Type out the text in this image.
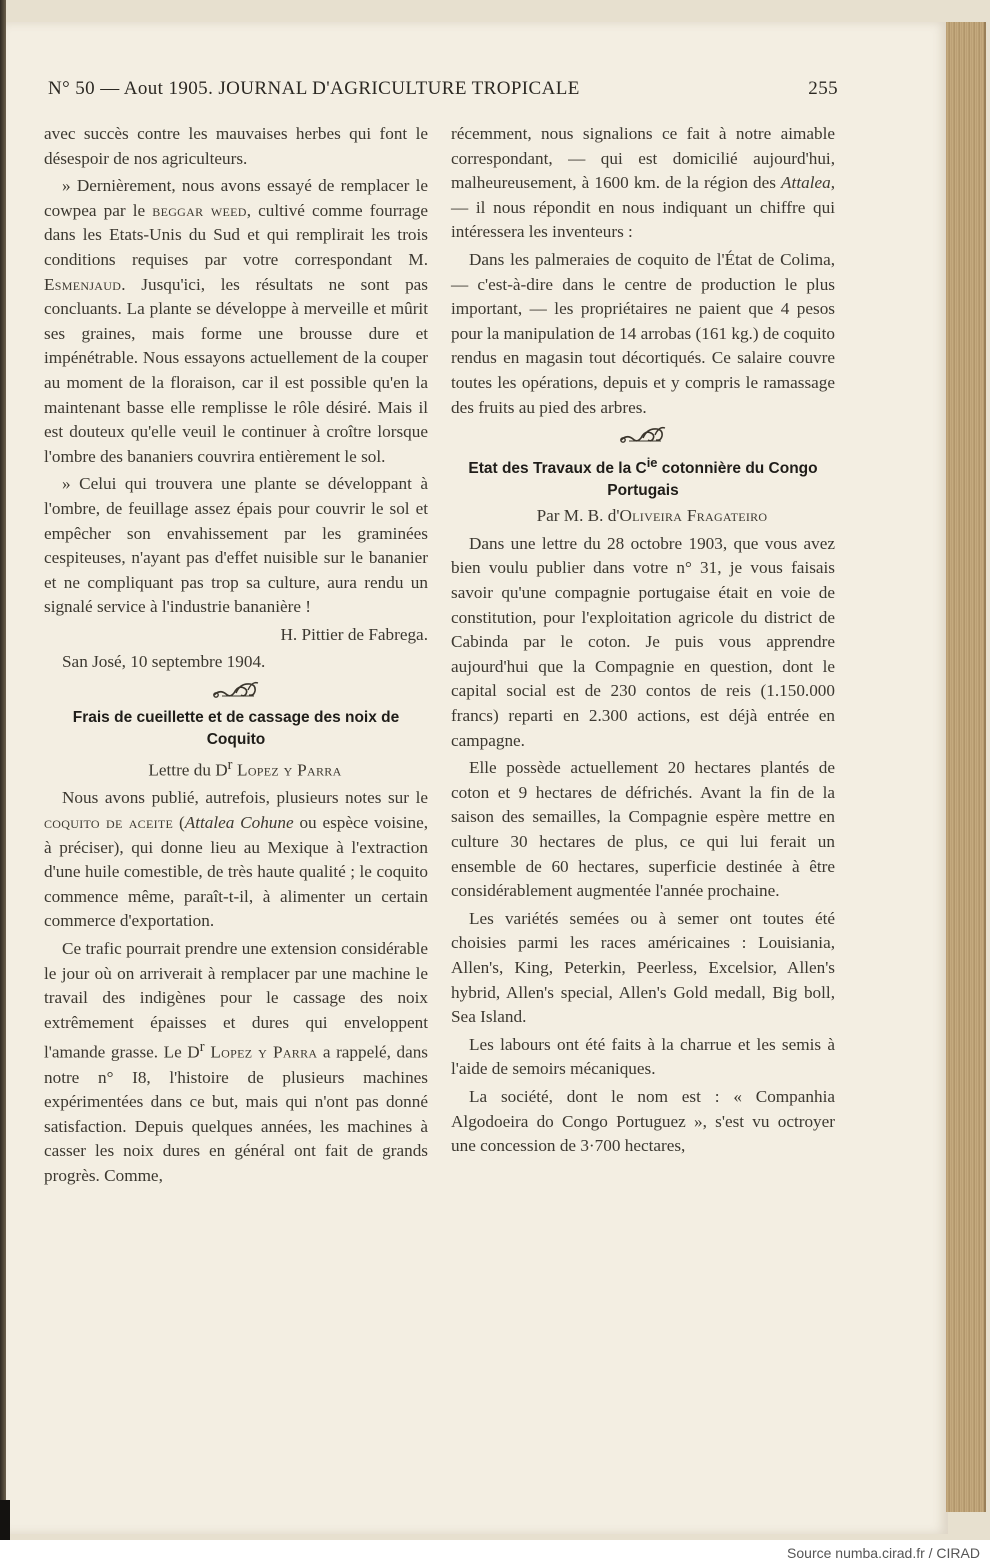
N° 50 — Aout 1905. JOURNAL D'AGRICULTURE TROPICALE	255

avec succès contre les mauvaises herbes qui font le désespoir de nos agriculteurs.

» Dernièrement, nous avons essayé de remplacer le cowpea par le beggar weed, cultivé comme fourrage dans les Etats-Unis du Sud et qui remplirait les trois conditions requises par votre correspondant M. Esmenjaud. Jusqu'ici, les résultats ne sont pas concluants. La plante se développe à merveille et mûrit ses graines, mais forme une brousse dure et impénétrable. Nous essayons actuellement de la couper au moment de la floraison, car il est possible qu'en la maintenant basse elle remplisse le rôle désiré. Mais il est douteux qu'elle veuil le continuer à croître lorsque l'ombre des bananiers couvrira entièrement le sol.

» Celui qui trouvera une plante se développant à l'ombre, de feuillage assez épais pour couvrir le sol et empêcher son envahissement par les graminées cespiteuses, n'ayant pas d'effet nuisible sur le bananier et ne compliquant pas trop sa culture, aura rendu un signalé service à l'industrie bananière !

H. Pittier de Fabrega.

San José, 10 septembre 1904.

Frais de cueillette et de cassage des noix de Coquito

Lettre du $D^r$ Lopez y Parra

Nous avons publié, autrefois, plusieurs notes sur le coquito de aceite (Attalea Cohune ou espèce voisine, à préciser), qui donne lieu au Mexique à l'extraction d'une huile comestible, de très haute qualité ; le coquito commence même, paraît-t-il, à alimenter un certain commerce d'exportation.

Ce trafic pourrait prendre une extension considérable le jour où on arriverait à remplacer par une machine le travail des indigènes pour le cassage des noix extrêmement épaisses et dures qui enveloppent l'amande grasse. Le $D^r$ Lopez y Parra a rappelé, dans notre n° I8, l'histoire de plusieurs machines expérimentées dans ce but, mais qui n'ont pas donné satisfaction. Depuis quelques années, les machines à casser les noix dures en général ont fait de grands progrès. Comme,

récemment, nous signalions ce fait à notre aimable correspondant, — qui est domicilié aujourd'hui, malheureusement, à 1600 km. de la région des Attalea, — il nous répondit en nous indiquant un chiffre qui intéressera les inventeurs :

Dans les palmeraies de coquito de l'État de Colima, — c'est-à-dire dans le centre de production le plus important, — les propriétaires ne paient que 4 pesos pour la manipulation de 14 arrobas (161 kg.) de coquito rendus en magasin tout décortiqués. Ce salaire couvre toutes les opérations, depuis et y compris le ramassage des fruits au pied des arbres.

Etat des Travaux de la $C^{ie}$ cotonnière du Congo Portugais

Par M. B. d'Oliveira Fragateiro

Dans une lettre du 28 octobre 1903, que vous avez bien voulu publier dans votre n° 31, je vous faisais savoir qu'une compagnie portugaise était en voie de constitution, pour l'exploitation agricole du district de Cabinda par le coton. Je puis vous apprendre aujourd'hui que la Compagnie en question, dont le capital social est de 230 contos de reis (1.150.000 francs) reparti en 2.300 actions, est déjà entrée en campagne.

Elle possède actuellement 20 hectares plantés de coton et 9 hectares de défrichés. Avant la fin de la saison des semailles, la Compagnie espère mettre en culture 30 hectares de plus, ce qui lui ferait un ensemble de 60 hectares, superficie destinée à être considérablement augmentée l'année prochaine.

Les variétés semées ou à semer ont toutes été choisies parmi les races américaines : Louisiania, Allen's, King, Peterkin, Peerless, Excelsior, Allen's hybrid, Allen's special, Allen's Gold medall, Big boll, Sea Island.

Les labours ont été faits à la charrue et les semis à l'aide de semoirs mécaniques.

La société, dont le nom est : « Companhia Algodoeira do Congo Portuguez », s'est vu octroyer une concession de 3·700 hectares,

Source numba.cirad.fr / CIRAD
